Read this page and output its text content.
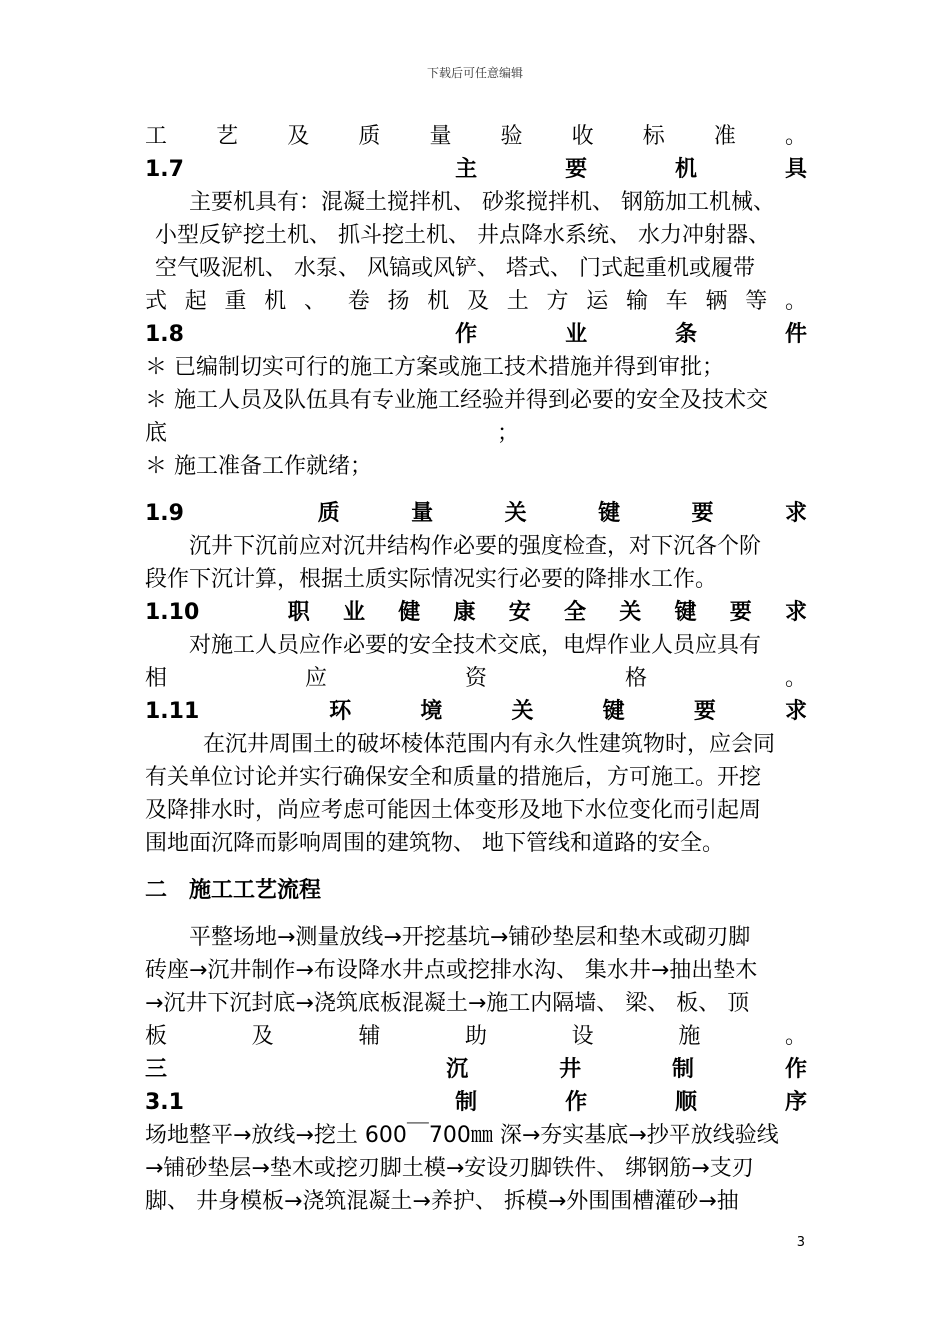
下载后可任意编辑
工　艺　及　质　量　验　收　标　准　。
1.7　　　　　　　主　　要　　机　　具
主要机具有：混凝土搅拌机、 砂浆搅拌机、 钢筋加工机械、
小型反铲挖土机、 抓斗挖土机、 井点降水系统、 水力冲射器、
空气吸泥机、 水泵、 风镐或风铲、 塔式、 门式起重机或履带
式 起 重 机 、　卷 扬 机 及 土 方 运 输 车 辆 等 。
1.8　　　　　　　作　　业　　条　　件
＊ 已编制切实可行的施工方案或施工技术措施并得到审批；
＊ 施工人员及队伍具有专业施工经验并得到必要的安全及技术交
底　　　　　　　　　　　　　　　；
＊ 施工准备工作就绪；
1.9　　　　质　　量　　关　　键　　要　　求
沉井下沉前应对沉井结构作必要的强度检查，对下沉各个阶
段作下沉计算，根据土质实际情况实行必要的降排水工作。
1.10　　　职　业　健　康　安　全　关　键　要　求
对施工人员应作必要的安全技术交底，电焊作业人员应具有
相　　　　应　　　　资　　　　格　　　　。
1.11　　　　环　　境　　关　　键　　要　　求
在沉井周围土的破坏棱体范围内有永久性建筑物时，应会同
有关单位讨论并实行确保安全和质量的措施后，方可施工。开挖
及降排水时，尚应考虑可能因土体变形及地下水位变化而引起周
围地面沉降而影响周围的建筑物、 地下管线和道路的安全。
二　施工工艺流程
平整场地→测量放线→开挖基坑→铺砂垫层和垫木或砌刃脚
砖座→沉井制作→布设降水井点或挖排水沟、 集水井→抽出垫木
→沉井下沉封底→浇筑底板混凝土→施工内隔墙、 梁、 板、 顶
板　　及　　辅　　助　　设　　施　　。
三　　　　　　　沉　　井　　制　　作
3.1　　　　　　　制　　作　　顺　　序
场地整平→放线→挖土 600￣700㎜ 深→夯实基底→抄平放线验线
→铺砂垫层→垫木或挖刃脚土模→安设刃脚铁件、 绑钢筋→支刃
脚、 井身模板→浇筑混凝土→养护、 拆模→外围围槽灌砂→抽
3
